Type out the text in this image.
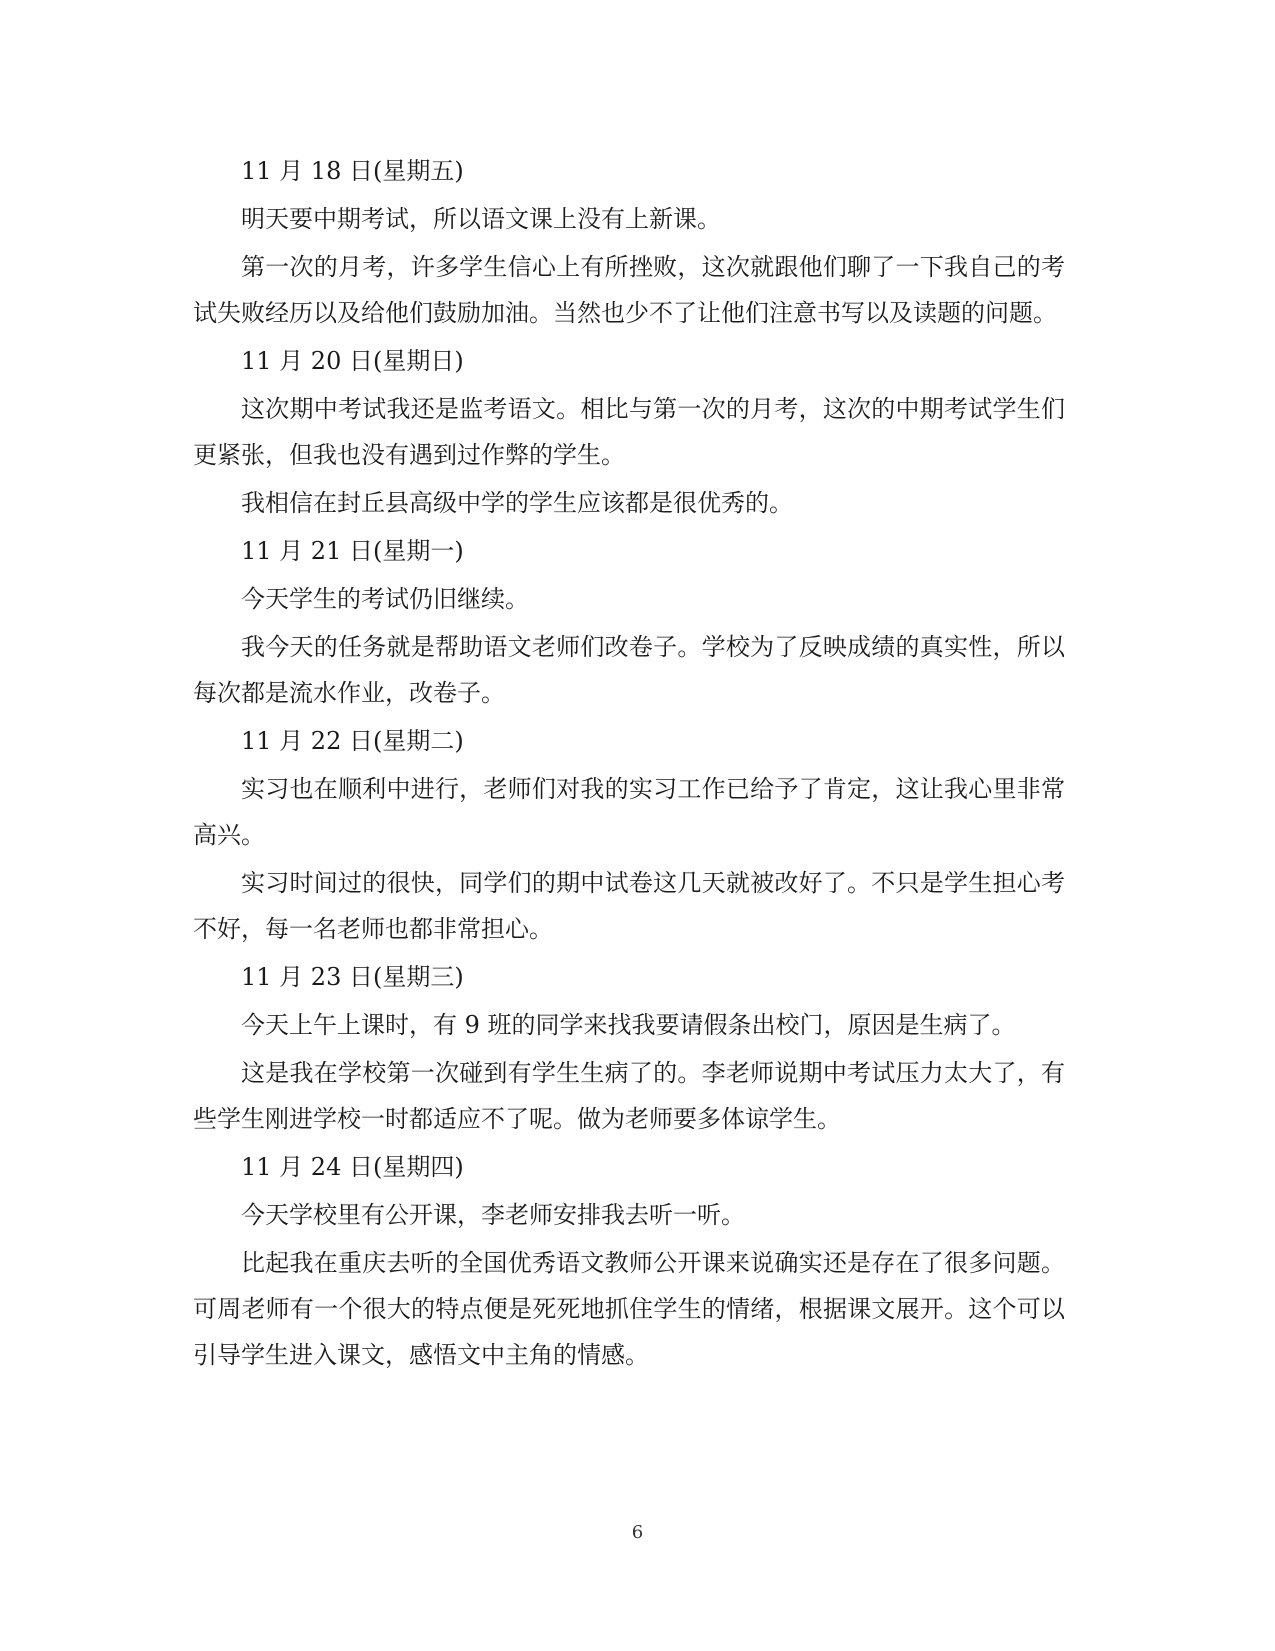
11 月 18 日(星期五)

明天要中期考试，所以语文课上没有上新课。

第一次的月考，许多学生信心上有所挫败，这次就跟他们聊了一下我自己的考试失败经历以及给他们鼓励加油。当然也少不了让他们注意书写以及读题的问题。

11 月 20 日(星期日)

这次期中考试我还是监考语文。相比与第一次的月考，这次的中期考试学生们更紧张，但我也没有遇到过作弊的学生。

我相信在封丘县高级中学的学生应该都是很优秀的。

11 月 21 日(星期一)

今天学生的考试仍旧继续。

我今天的任务就是帮助语文老师们改卷子。学校为了反映成绩的真实性，所以每次都是流水作业，改卷子。

11 月 22 日(星期二)

实习也在顺利中进行，老师们对我的实习工作已给予了肯定，这让我心里非常高兴。

实习时间过的很快，同学们的期中试卷这几天就被改好了。不只是学生担心考不好，每一名老师也都非常担心。

11 月 23 日(星期三)

今天上午上课时，有 9 班的同学来找我要请假条出校门，原因是生病了。

这是我在学校第一次碰到有学生生病了的。李老师说期中考试压力太大了，有些学生刚进学校一时都适应不了呢。做为老师要多体谅学生。

11 月 24 日(星期四)

今天学校里有公开课，李老师安排我去听一听。

比起我在重庆去听的全国优秀语文教师公开课来说确实还是存在了很多问题。可周老师有一个很大的特点便是死死地抓住学生的情绪，根据课文展开。这个可以引导学生进入课文，感悟文中主角的情感。

6
